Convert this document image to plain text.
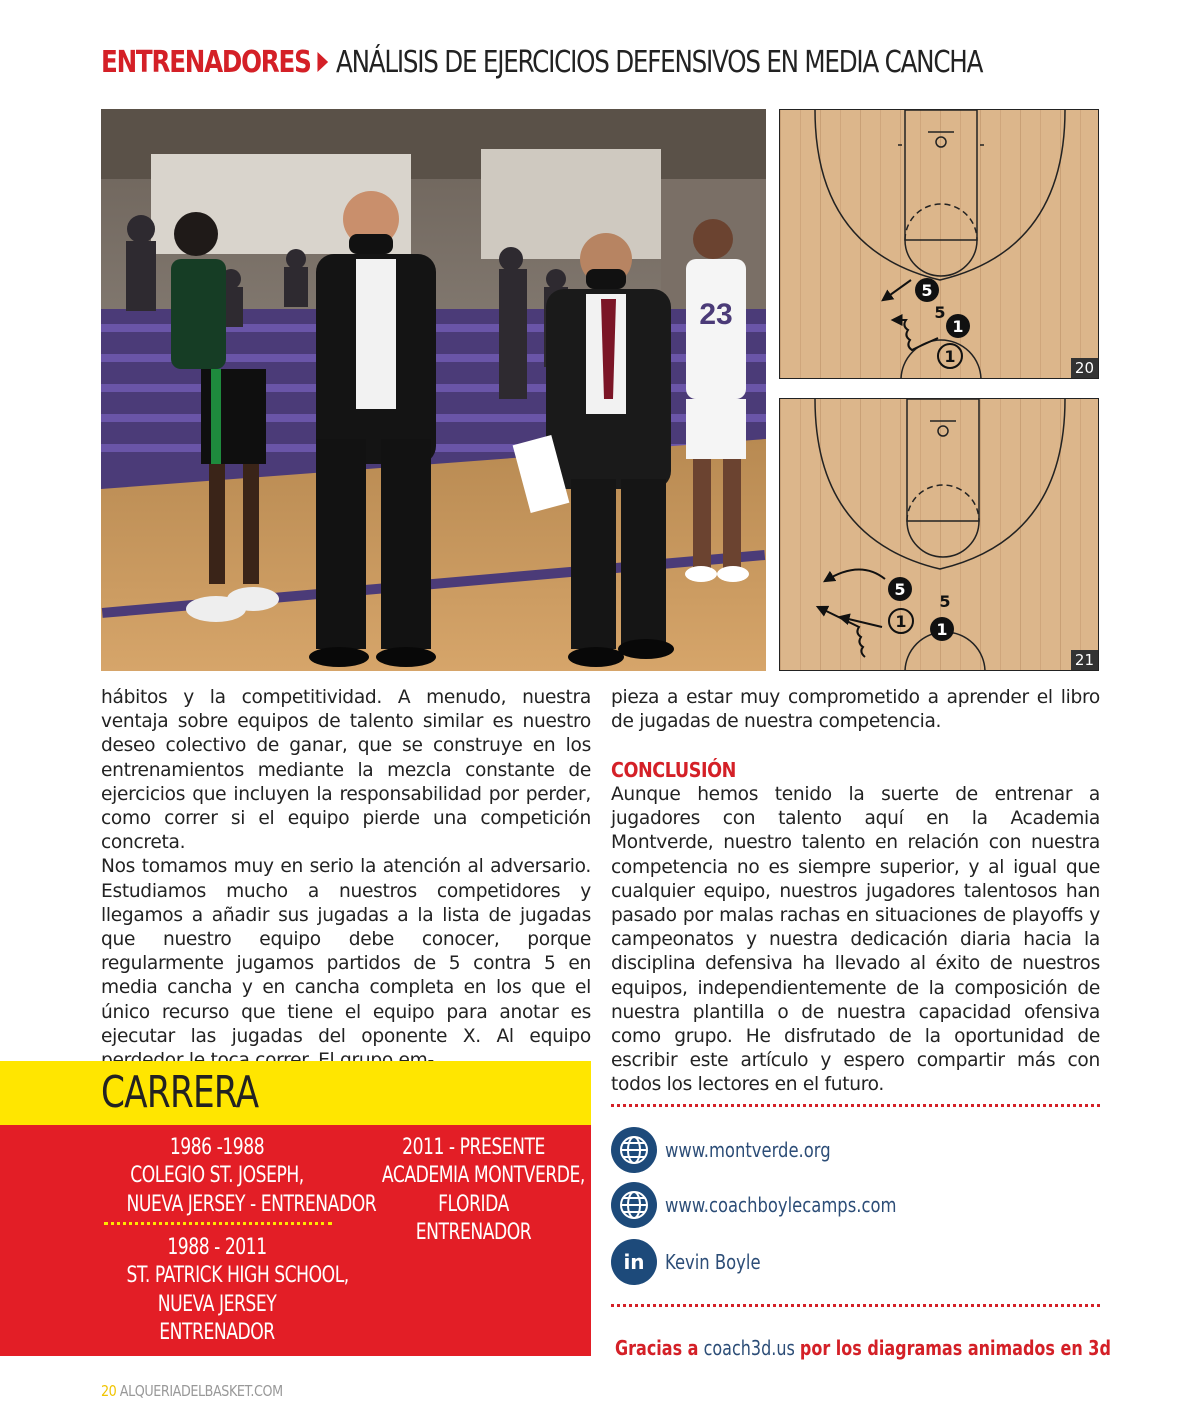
ENTRENADORES ANÁLISIS DE EJERCICIOS DEFENSIVOS EN MEDIA CANCHA
23
5
5
1
1
20
5
5
1 1
21

hábitos y la competitividad. A menudo, nuestra ventaja sobre equipos de talento similar es nuestro deseo colectivo de ganar, que se construye en los entrenamientos mediante la mezcla constante de ejercicios que incluyen la responsabilidad por perder, como correr si el equipo pierde una competición concreta.

Nos tomamos muy en serio la atención al adversario. Estudiamos mucho a nuestros competidores y llegamos a añadir sus jugadas a la lista de jugadas que nuestro equipo debe conocer, porque regularmente jugamos partidos de 5 contra 5 en media cancha y en cancha completa en los que el único recurso que tiene el equipo para anotar es ejecutar las jugadas del oponente X. Al equipo

pieza a estar muy comprometido a aprender el libro de jugadas de nuestra competencia.

CONCLUSIÓN

Aunque hemos tenido la suerte de entrenar a jugadores con talento aquí en la Academia Montverde, nuestro talento en relación con nuestra competencia no es siempre superior, y al igual que cualquier equipo, nuestros jugadores talentosos han pasado por malas rachas en situaciones de playoffs y campeonatos y nuestra dedicación diaria hacia la disciplina defensiva ha llevado al éxito de nuestros equipos, independientemente de la composición de nuestra plantilla o de nuestra capacidad ofensiva como grupo. He disfrutado de la oportunidad de escribir este artículo y espero compartir más con todos los lectores en el futuro.

CARRERA
1986 -1988
COLEGIO ST. JOSEPH,
NUEVA JERSEY - ENTRENADOR
1988 - 2011
ST. PATRICK HIGH SCHOOL,
NUEVA JERSEY
ENTRENADOR
2011 - PRESENTE
ACADEMIA MONTVERDE,
FLORIDA
ENTRENADOR
www.montverde.org
www.coachboylecamps.com
in Kevin Boyle
Gracias a coach3d.us por los diagramas animados en 3d
20 ALQUERIADELBASKET.COM
